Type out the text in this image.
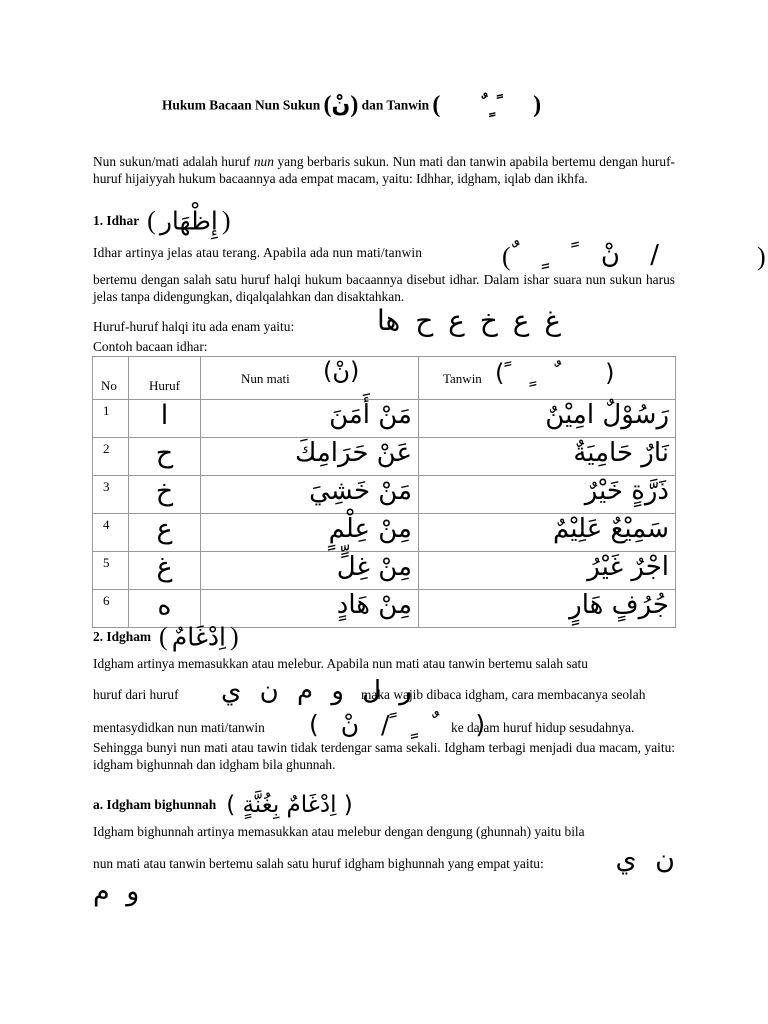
Hukum Bacaan Nun Sukun (نْ) dan Tanwin ( ً ٍ ٌ )
Nun sukun/mati adalah huruf nun yang berbaris sukun. Nun mati dan tanwin apabila bertemu dengan huruf-huruf hijaiyyah hukum bacaannya ada empat macam, yaitu: Idhhar, idgham, iqlab dan ikhfa.
1. Idhar ( إِظْهَار )
Idhar artinya jelas atau terang. Apabila ada nun mati/tanwin	/ نْ ً ٍ ٌ
(	)
bertemu dengan salah satu huruf halqi hukum bacaannya disebut idhar. Dalam ishar suara nun sukun harus jelas tanpa didengungkan, diqalqalahkan dan disaktahkan.
Huruf-huruf halqi itu ada enam yaitu:	غ ع خ ع ح ها
Contoh bacaan idhar:
No	Huruf	Nun mati (نْ)	Tanwin ( ً ٍ ٌ )

1	ا	مَنْ أَمَنَ	رَسُوْلٌ امِيْنٌ
2	ح	عَنْ حَرَامِكَ	نَارٌ حَامِيَةٌ
3	خ	مَنْ خَشِيَ	ذَرَّةٍ خَيْرٌ
4	ع	مِنْ عِلْمٍ	سَمِيْعٌ عَلِيْمٌ
5	غ	مِنْ غِلٍّ	اجْرٌ غَيْرُ
6	ه	مِنْ هَادٍ	جُرُفٍ هَارٍ
2. Idgham ( اِدْغَامٌ )
Idgham artinya memasukkan atau melebur. Apabila nun mati atau tanwin bertemu salah satu
huruf dari huruf ر ل و م ن ي
maka wajib dibaca idgham, cara membacanya seolah
mentasydidkan nun mati/tanwin ( نْ / ً ٍ ٌ )
ke dalam huruf hidup sesudahnya.
Sehingga bunyi nun mati atau tawin tidak terdengar sama sekali. Idgham terbagi menjadi dua macam, yaitu: idgham bighunnah dan idgham bila ghunnah.
a. Idgham bighunnah ( اِدْغَامٌ بِغُنَّةٍ )
Idgham bighunnah artinya memasukkan atau melebur dengan dengung (ghunnah) yaitu bila
nun mati atau tanwin bertemu salah satu huruf idgham bighunnah yang empat yaitu:	ن ي
و م
